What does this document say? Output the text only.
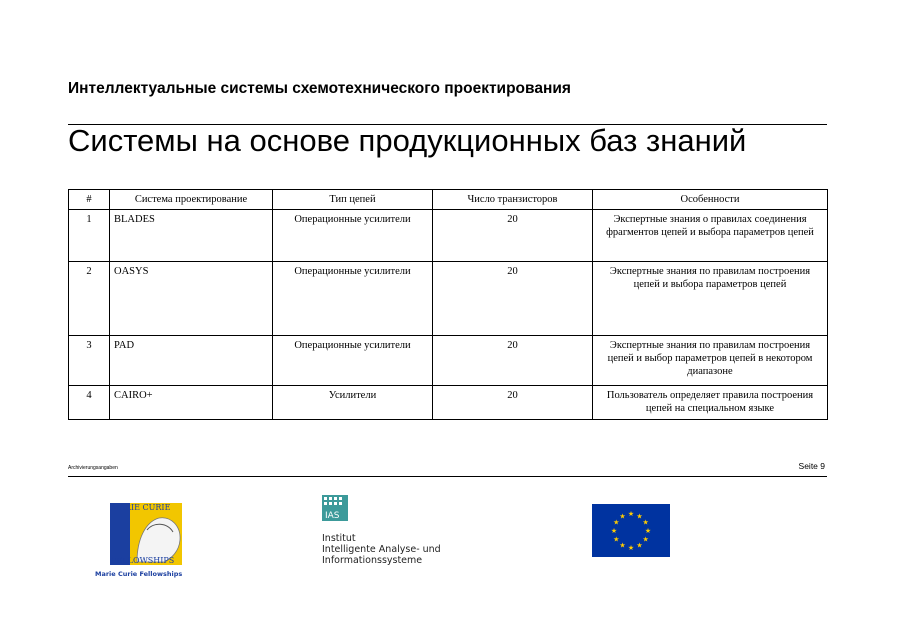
Интеллектуальные системы схемотехнического проектирования
Системы на основе продукционных баз знаний
#	Система проектирование	Тип цепей	Число транзисторов	Особенности
1	BLADES	Операционные усилители	20	Экспертные знания о правилах соединения фрагментов цепей и выбора параметров цепей
2	OASYS	Операционные усилители	20	Экспертные знания по правилам построения цепей и выбора параметров цепей
3	PAD	Операционные усилители	20	Экспертные знания по правилам построения цепей и выбор параметров цепей в некотором диапазоне
4	CAIRO+	Усилители	20	Пользователь определяет правила построения цепей на специальном языке
Archivierungsangaben	Seite 9
MARIE CURIE
FELLOWSHIPS
Marie Curie Fellowships
IAS
Institut
Intelligente Analyse- und
Informationssysteme
★ ★
★
★
★
★
★
★
★
★
★
★
